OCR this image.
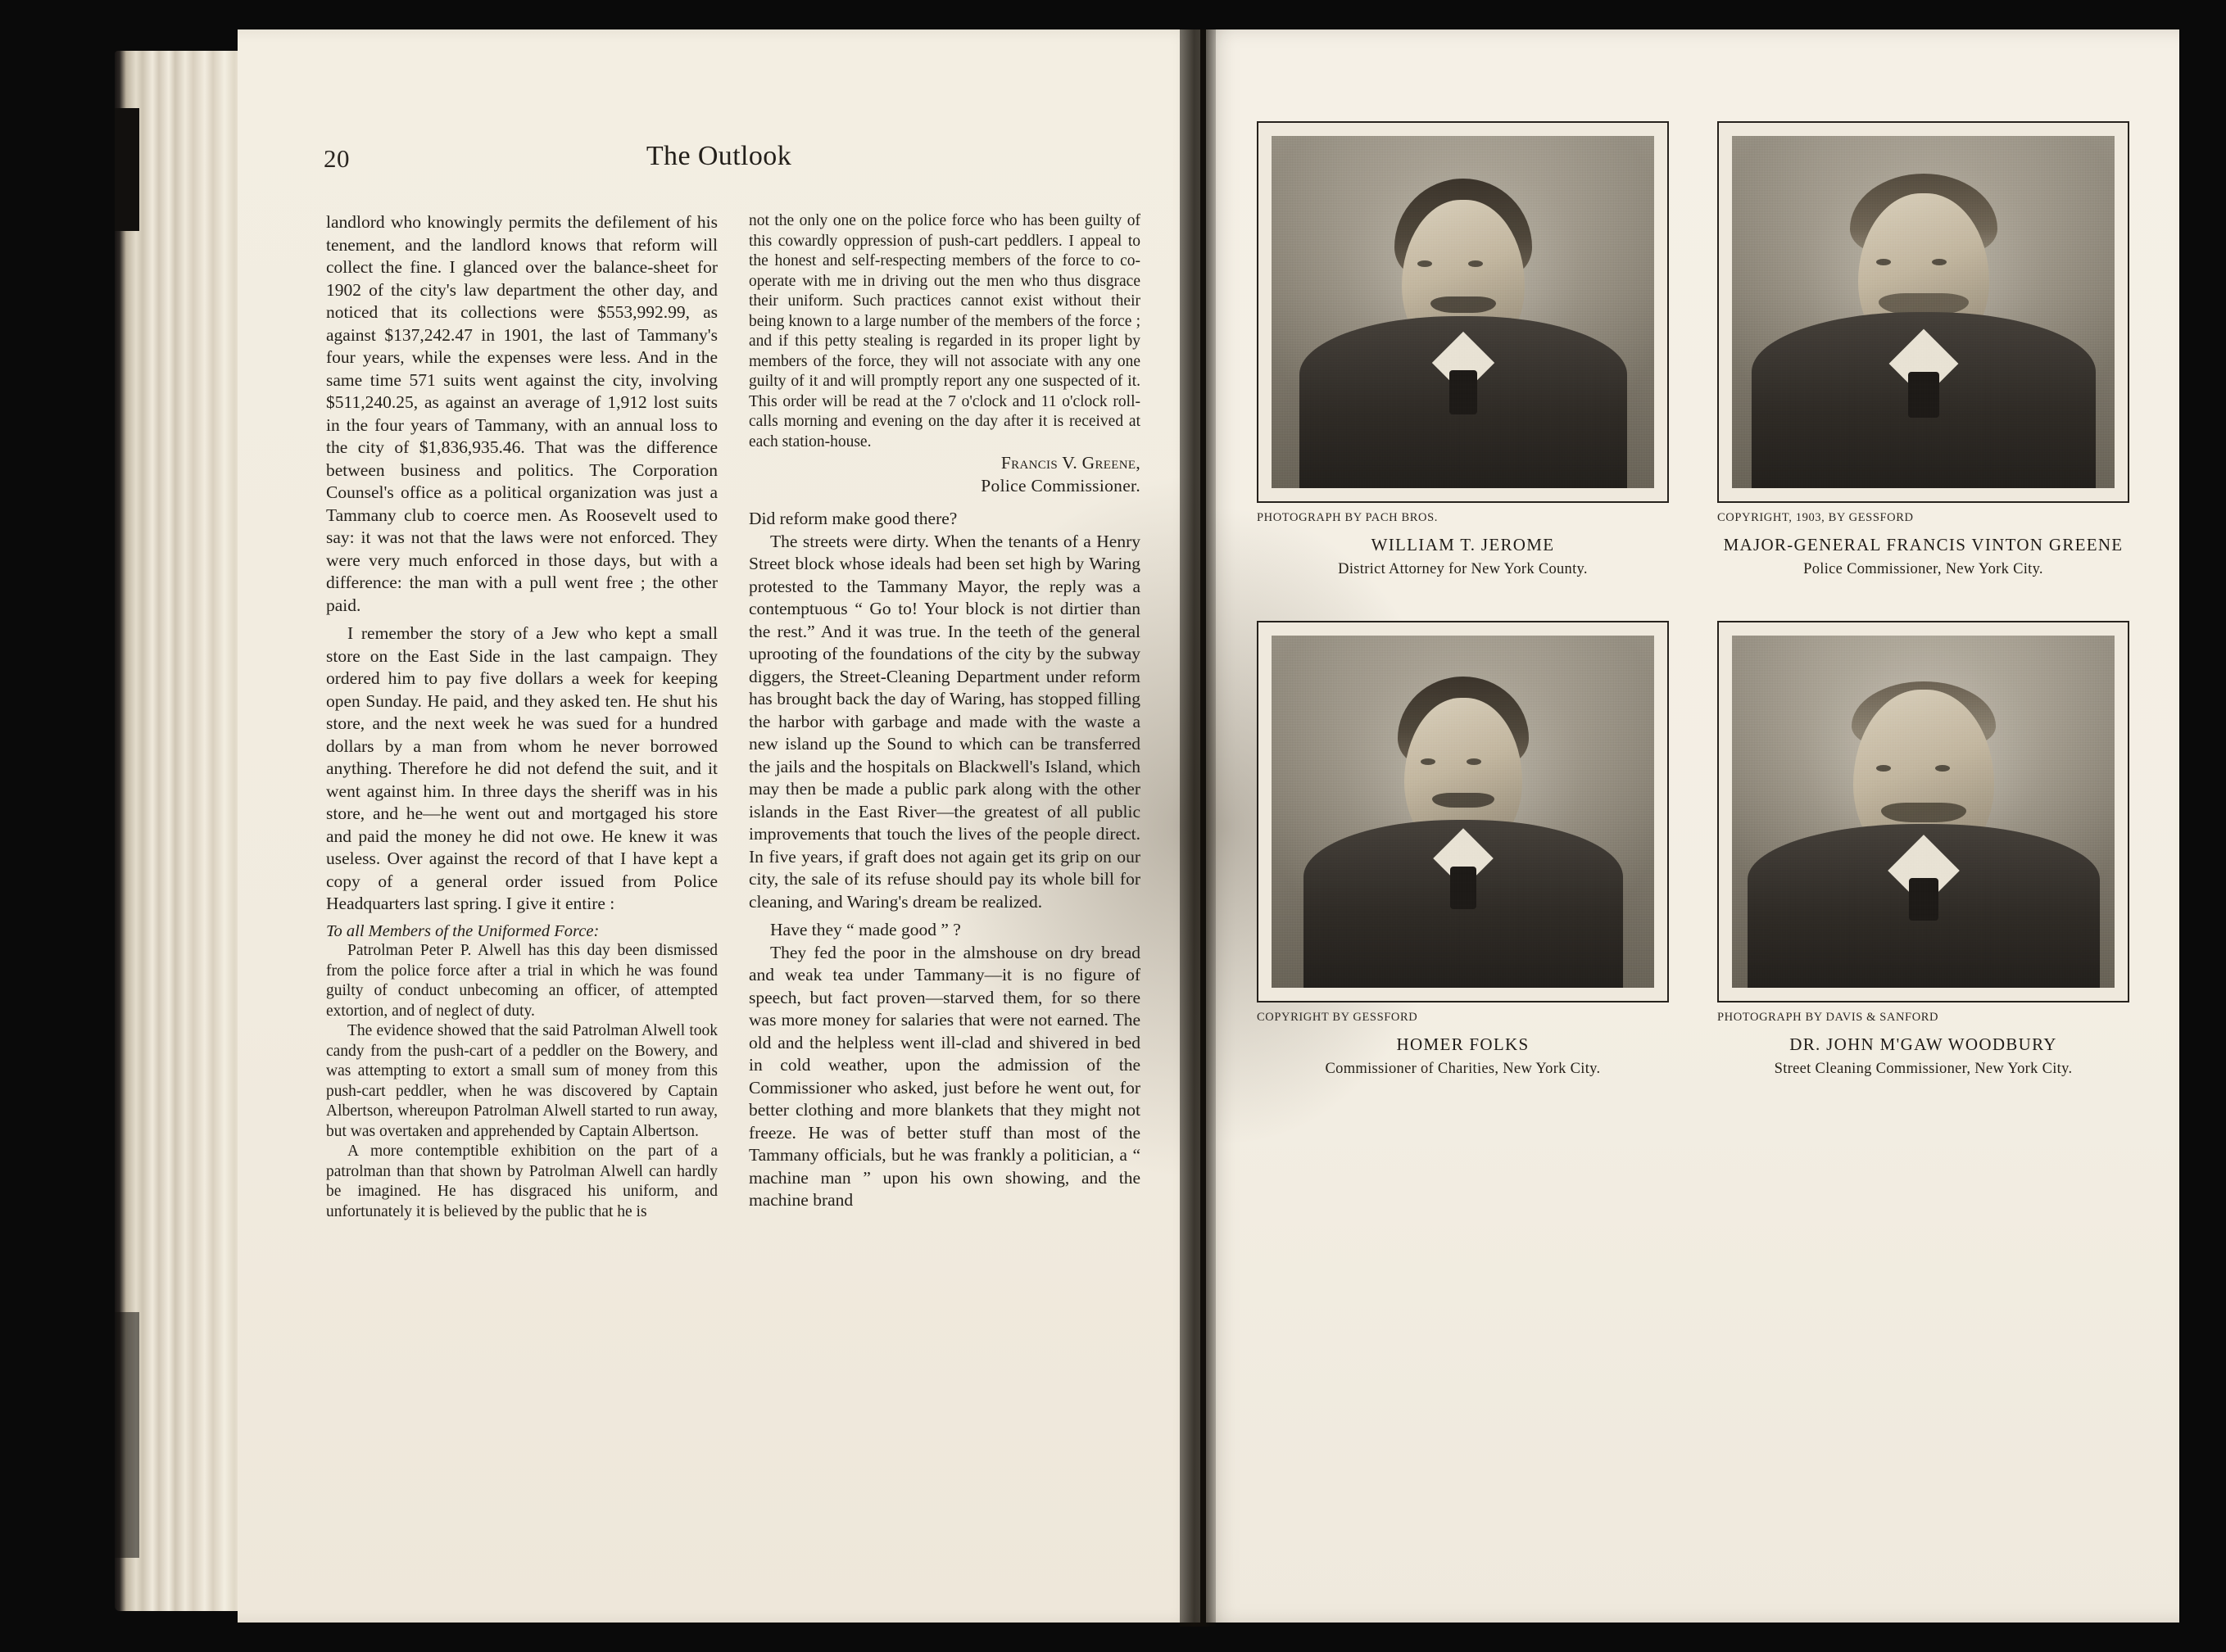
20	The Outlook

landlord who knowingly permits the defilement of his tenement, and the landlord knows that reform will collect the fine. I glanced over the balance-sheet for 1902 of the city's law department the other day, and noticed that its collections were $553,992.99, as against $137,242.47 in 1901, the last of Tammany's four years, while the expenses were less. And in the same time 571 suits went against the city, involving $511,240.25, as against an average of 1,912 lost suits in the four years of Tammany, with an annual loss to the city of $1,836,935.46. That was the difference between business and politics. The Corporation Counsel's office as a political organization was just a Tammany club to coerce men. As Roosevelt used to say: it was not that the laws were not enforced. They were very much enforced in those days, but with a difference: the man with a pull went free ; the other paid.

I remember the story of a Jew who kept a small store on the East Side in the last campaign. They ordered him to pay five dollars a week for keeping open Sunday. He paid, and they asked ten. He shut his store, and the next week he was sued for a hundred dollars by a man from whom he never borrowed anything. Therefore he did not defend the suit, and it went against him. In three days the sheriff was in his store, and he—he went out and mortgaged his store and paid the money he did not owe. He knew it was useless. Over against the record of that I have kept a copy of a general order issued from Police Headquarters last spring. I give it entire :

To all Members of the Uniformed Force:

Patrolman Peter P. Alwell has this day been dismissed from the police force after a trial in which he was found guilty of conduct unbecoming an officer, of attempted extortion, and of neglect of duty.

The evidence showed that the said Patrolman Alwell took candy from the push-cart of a peddler on the Bowery, and was attempting to extort a small sum of money from this push-cart peddler, when he was discovered by Captain Albertson, whereupon Patrolman Alwell started to run away, but was overtaken and apprehended by Captain Albertson.

A more contemptible exhibition on the part of a patrolman than that shown by Patrolman Alwell can hardly be imagined. He has disgraced his uniform, and unfortunately it is believed by the public that he is

not the only one on the police force who has been guilty of this cowardly oppression of push-cart peddlers. I appeal to the honest and self-respecting members of the force to co-operate with me in driving out the men who thus disgrace their uniform. Such practices cannot exist without their being known to a large number of the members of the force ; and if this petty stealing is regarded in its proper light by members of the force, they will not associate with any one guilty of it and will promptly report any one suspected of it. This order will be read at the 7 o'clock and 11 o'clock roll-calls morning and evening on the day after it is received at each station-house.

Francis V. Greene,

Police Commissioner.

Did reform make good there?

The streets were dirty. When the tenants of a Henry Street block whose ideals had been set high by Waring protested to the Tammany Mayor, the reply was a contemptuous “ Go to! Your block is not dirtier than the rest.” And it was true. In the teeth of the general uprooting of the foundations of the city by the subway diggers, the Street-Cleaning Department under reform has brought back the day of Waring, has stopped filling the harbor with garbage and made with the waste a new island up the Sound to which can be transferred the jails and the hospitals on Blackwell's Island, which may then be made a public park along with the other islands in the East River—the greatest of all public improvements that touch the lives of the people direct. In five years, if graft does not again get its grip on our city, the sale of its refuse should pay its whole bill for cleaning, and Waring's dream be realized.

Have they “ made good ” ?

They fed the poor in the almshouse on dry bread and weak tea under Tammany—it is no figure of speech, but fact proven—starved them, for so there was more money for salaries that were not earned. The old and the helpless went ill-clad and shivered in bed in cold weather, upon the admission of the Commissioner who asked, just before he went out, for better clothing and more blankets that they might not freeze. He was of better stuff than most of the Tammany officials, but he was frankly a politician, a “ machine man ” upon his own showing, and the machine brand

PHOTOGRAPH BY PACH BROS.
WILLIAM T. JEROME
District Attorney for New York County.
COPYRIGHT, 1903, BY GESSFORD
MAJOR-GENERAL FRANCIS VINTON GREENE
Police Commissioner, New York City.
COPYRIGHT BY GESSFORD
HOMER FOLKS
Commissioner of Charities, New York City.
PHOTOGRAPH BY DAVIS & SANFORD
DR. JOHN M'GAW WOODBURY
Street Cleaning Commissioner, New York City.
